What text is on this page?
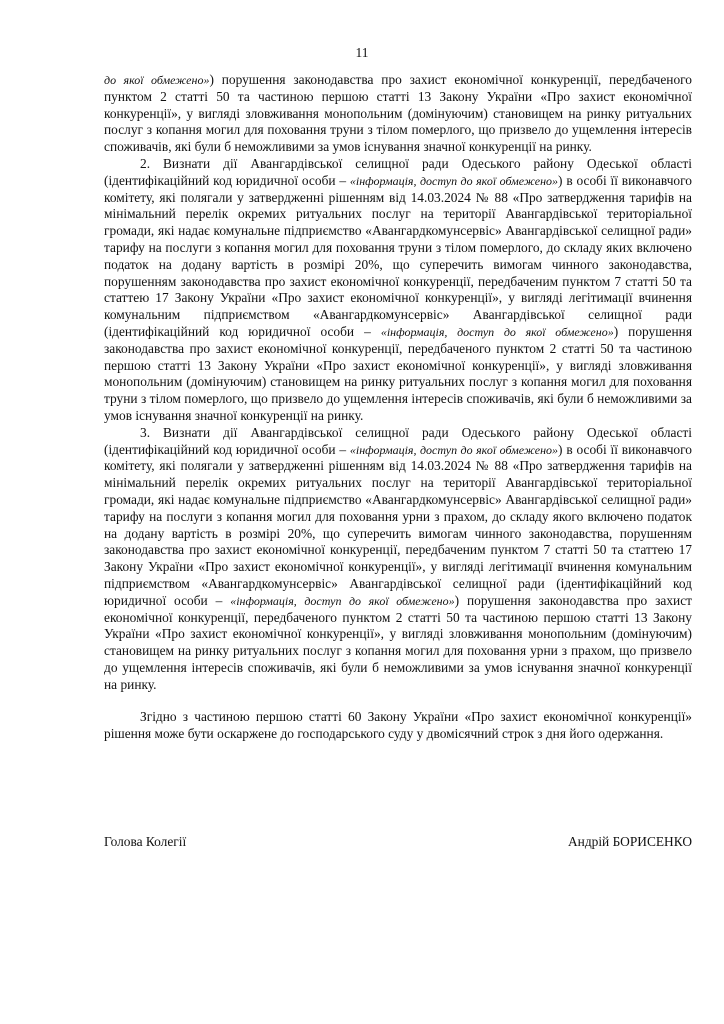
11

до якої обмежено») порушення законодавства про захист економічної конкуренції, передбаченого пунктом 2 статті 50 та частиною першою статті 13 Закону України «Про захист економічної конкуренції», у вигляді зловживання монопольним (домінуючим) становищем на ринку ритуальних послуг з копання могил для поховання труни з тілом померлого, що призвело до ущемлення інтересів споживачів, які були б неможливими за умов існування значної конкуренції на ринку.

2. Визнати дії Авангардівської селищної ради Одеського району Одеської області (ідентифікаційний код юридичної особи – «інформація, доступ до якої обмежено») в особі її виконавчого комітету, які полягали у затвердженні рішенням від 14.03.2024 № 88 «Про затвердження тарифів на мінімальний перелік окремих ритуальних послуг на території Авангардівської територіальної громади, які надає комунальне підприємство «Авангардкомунсервіс» Авангардівської селищної ради» тарифу на послуги з копання могил для поховання труни з тілом померлого, до складу яких включено податок на додану вартість в розмірі 20%, що суперечить вимогам чинного законодавства, порушенням законодавства про захист економічної конкуренції, передбаченим пунктом 7 статті 50 та статтею 17 Закону України «Про захист економічної конкуренції», у вигляді легітимації вчинення комунальним підприємством «Авангардкомунсервіс» Авангардівської селищної ради (ідентифікаційний код юридичної особи – «інформація, доступ до якої обмежено») порушення законодавства про захист економічної конкуренції, передбаченого пунктом 2 статті 50 та частиною першою статті 13 Закону України «Про захист економічної конкуренції», у вигляді зловживання монопольним (домінуючим) становищем на ринку ритуальних послуг з копання могил для поховання труни з тілом померлого, що призвело до ущемлення інтересів споживачів, які були б неможливими за умов існування значної конкуренції на ринку.

3. Визнати дії Авангардівської селищної ради Одеського району Одеської області (ідентифікаційний код юридичної особи – «інформація, доступ до якої обмежено») в особі її виконавчого комітету, які полягали у затвердженні рішенням від 14.03.2024 № 88 «Про затвердження тарифів на мінімальний перелік окремих ритуальних послуг на території Авангардівської територіальної громади, які надає комунальне підприємство «Авангардкомунсервіс» Авангардівської селищної ради» тарифу на послуги з копання могил для поховання урни з прахом, до складу якого включено податок на додану вартість в розмірі 20%, що суперечить вимогам чинного законодавства, порушенням законодавства про захист економічної конкуренції, передбаченим пунктом 7 статті 50 та статтею 17 Закону України «Про захист економічної конкуренції», у вигляді легітимації вчинення комунальним підприємством «Авангардкомунсервіс» Авангардівської селищної ради (ідентифікаційний код юридичної особи – «інформація, доступ до якої обмежено») порушення законодавства про захист економічної конкуренції, передбаченого пунктом 2 статті 50 та частиною першою статті 13 Закону України «Про захист економічної конкуренції», у вигляді зловживання монопольним (домінуючим) становищем на ринку ритуальних послуг з копання могил для поховання урни з прахом, що призвело до ущемлення інтересів споживачів, які були б неможливими за умов існування значної конкуренції на ринку.

Згідно з частиною першою статті 60 Закону України «Про захист економічної конкуренції» рішення може бути оскаржене до господарського суду у двомісячний строк з дня його одержання.

Голова Колегії	Андрій БОРИСЕНКО
